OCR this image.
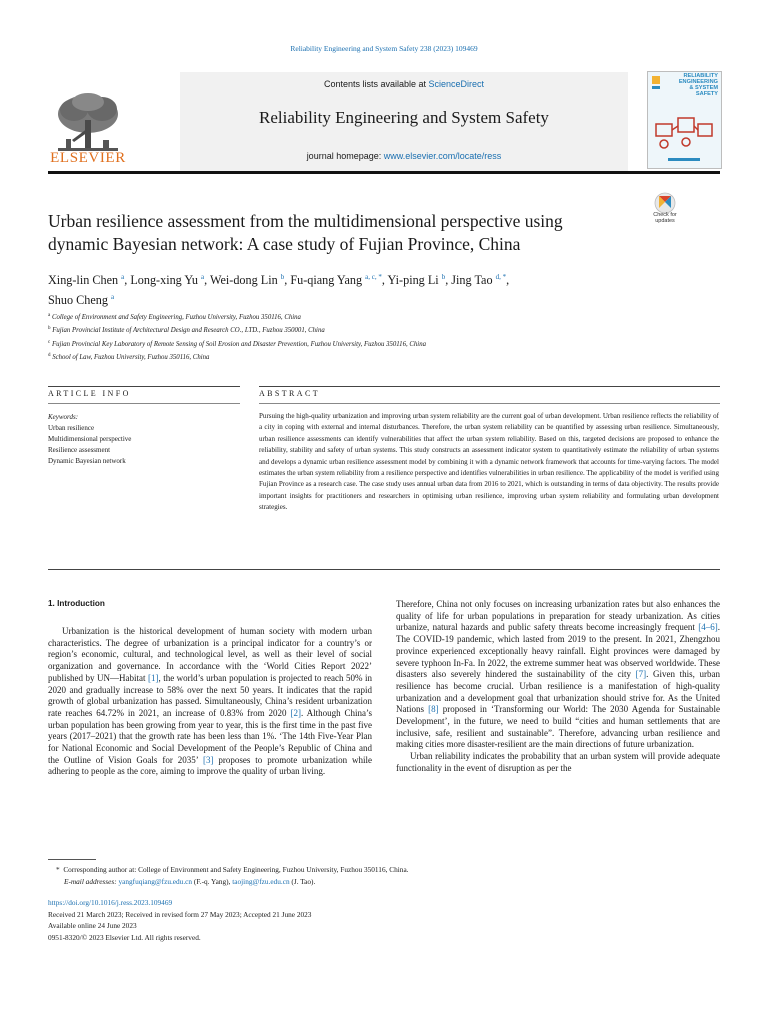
Reliability Engineering and System Safety 238 (2023) 109469
Contents lists available at ScienceDirect
Reliability Engineering and System Safety
journal homepage: www.elsevier.com/locate/ress
ELSEVIER
RELIABILITY
ENGINEERING
& SYSTEM
SAFETY
Urban resilience assessment from the multidimensional perspective using
dynamic Bayesian network: A case study of Fujian Province, China
Check for
updates
Xing-lin Chen $^a$, Long-xing Yu $^a$, Wei-dong Lin $^b$, Fu-qiang Yang $^{a, c, *}$, Yi-ping Li $^b$, Jing Tao $^{d, *}$,
Shuo Cheng $^a$
$^a$ College of Environment and Safety Engineering, Fuzhou University, Fuzhou 350116, China
$^b$ Fujian Provincial Institute of Architectural Design and Research CO., LTD., Fuzhou 350001, China
$^c$ Fujian Provincial Key Laboratory of Remote Sensing of Soil Erosion and Disaster Prevention, Fuzhou University, Fuzhou 350116, China
$^d$ School of Law, Fuzhou University, Fuzhou 350116, China
ARTICLE INFO	ABSTRACT
Keywords:
Urban resilience
Multidimensional perspective
Resilience assessment
Dynamic Bayesian network
Pursuing the high-quality urbanization and improving urban system reliability are the current goal of urban development. Urban resilience reflects the reliability of a city in coping with external and internal disturbances. Therefore, the urban system reliability can be quantified by assessing urban resilience. Simultaneously, urban resilience assessments can identify vulnerabilities that affect the urban system reliability. Based on this, targeted decisions are proposed to enhance the reliability, stability and safety of urban systems. This study constructs an assessment indicator system to quantitatively estimate the reliability of urban systems and develops a dynamic urban resilience assessment model by combining it with a dynamic network framework that accounts for time-varying factors. The model estimates the urban system reliability from a resilience perspective and identifies vulnerabilities in urban resilience. The applicability of the model is verified using Fujian Province as a research case. The case study uses annual urban data from 2016 to 2021, which is outstanding in terms of data objectivity. The results provide important insights for practitioners and researchers in optimising urban resilience, improving urban system reliability and formulating urban development strategies.
1. Introduction

Urbanization is the historical development of human society with modern urban characteristics. The degree of urbanization is a principal indicator for a country’s or region’s economic, cultural, and technological level, as well as their level of social organization and governance. In accordance with the ‘World Cities Report 2022’ published by UN—Habitat [1], the world’s urban population is projected to reach 50% in 2020 and gradually increase to 58% over the next 50 years. It indicates that the rapid growth of global urbanization has passed. Simultaneously, China’s resident urbanization rate reaches 64.72% in 2021, an increase of 0.83% from 2020 [2]. Although China’s urban population has been growing from year to year, this is the first time in the past five years (2017–2021) that the growth rate has been less than 1%. ‘The 14th Five-Year Plan for National Economic and Social Development of the People’s Republic of China and the Outline of Vision Goals for 2035’ [3] proposes to promote urbanization while adhering to people as the core, aiming to improve the quality of urban living.

Therefore, China not only focuses on increasing urbanization rates but also enhances the quality of life for urban populations in preparation for steady urbanization. As cities urbanize, natural hazards and public safety threats become increasingly frequent [4–6]. The COVID-19 pandemic, which lasted from 2019 to the present. In 2021, Zhengzhou province experienced exceptionally heavy rainfall. Eight provinces were damaged by severe typhoon In-Fa. In 2022, the extreme summer heat was observed worldwide. These disasters also severely hindered the sustainability of the city [7]. Given this, urban resilience has become crucial. Urban resilience is a manifestation of high-quality urbanization and a development goal that urbanization should strive for. As the United Nations [8] proposed in ‘Transforming our World: The 2030 Agenda for Sustainable Development’, in the future, we need to build “cities and human settlements that are inclusive, safe, resilient and sustainable”. Therefore, advancing urban resilience and making cities more disaster-resilient are the main directions of future urbanization.

Urban reliability indicates the probability that an urban system will provide adequate functionality in the event of disruption as per the

* Corresponding author at: College of Environment and Safety Engineering, Fuzhou University, Fuzhou 350116, China.
E-mail addresses: yangfuqiang@fzu.edu.cn (F.-q. Yang), taojing@fzu.edu.cn (J. Tao).
https://doi.org/10.1016/j.ress.2023.109469
Received 21 March 2023; Received in revised form 27 May 2023; Accepted 21 June 2023
Available online 24 June 2023
0951-8320/© 2023 Elsevier Ltd. All rights reserved.
